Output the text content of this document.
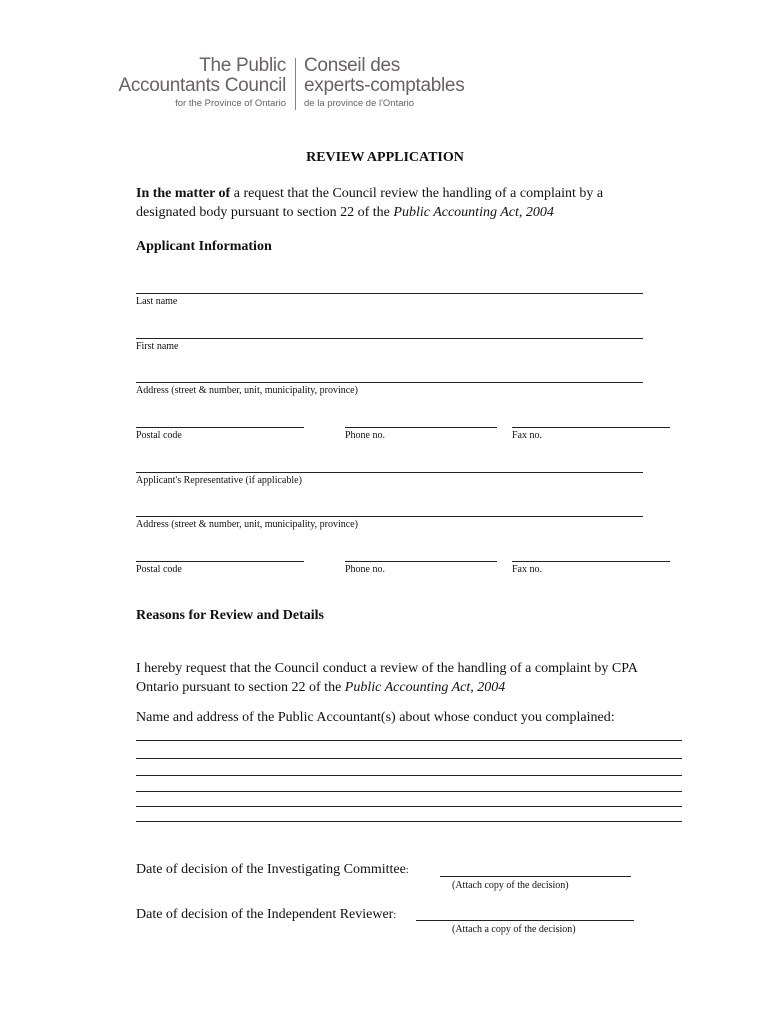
The Public
Accountants Council
for the Province of Ontario
Conseil des
experts-comptables
de la province de l'Ontario
REVIEW APPLICATION
In the matter of a request that the Council review the handling of a complaint by a designated body pursuant to section 22 of the Public Accounting Act, 2004
Applicant Information
Last name
First name
Address (street & number, unit, municipality, province)
Postal code	Phone no.	Fax no.
Applicant's Representative (if applicable)
Address (street & number, unit, municipality, province)
Postal code	Phone no.	Fax no.
Reasons for Review and Details
I hereby request that the Council conduct a review of the handling of a complaint by CPA Ontario pursuant to section 22 of the Public Accounting Act, 2004
Name and address of the Public Accountant(s) about whose conduct you complained:
Date of decision of the Investigating Committee:
(Attach copy of the decision)
Date of decision of the Independent Reviewer:
(Attach a copy of the decision)
